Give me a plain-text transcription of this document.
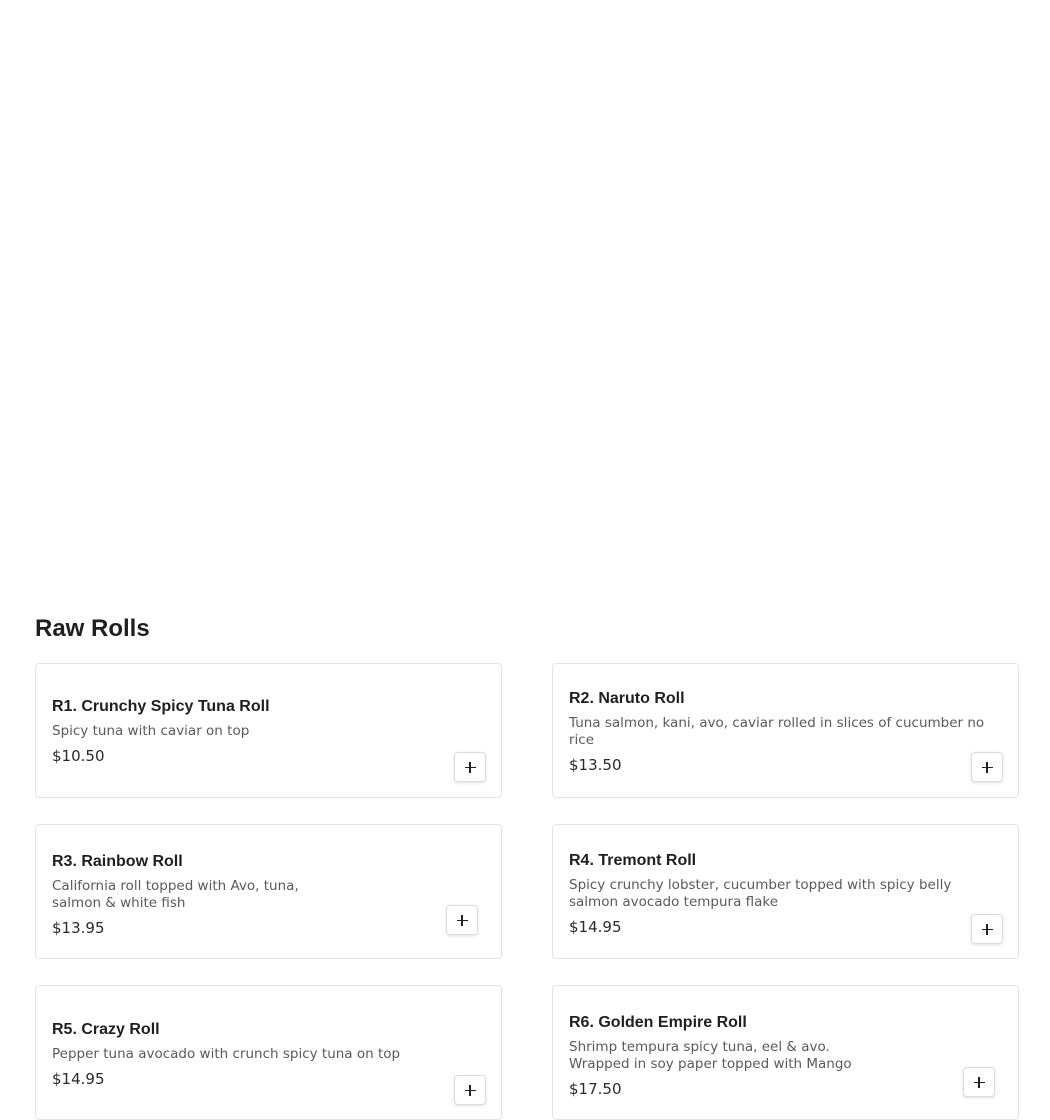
Raw Rolls

R1. Crunchy Spicy Tuna Roll

Spicy tuna with caviar on top

$10.50

R2. Naruto Roll

Tuna salmon, kani, avo, caviar rolled in slices of cucumber no rice

$13.50

R3. Rainbow Roll

California roll topped with Avo, tuna, salmon & white fish

$13.95

R4. Tremont Roll

Spicy crunchy lobster, cucumber topped with spicy belly salmon avocado tempura flake

$14.95

R5. Crazy Roll

Pepper tuna avocado with crunch spicy tuna on top

$14.95

R6. Golden Empire Roll

Shrimp tempura spicy tuna, eel & avo. Wrapped in soy paper topped with Mango

$17.50
